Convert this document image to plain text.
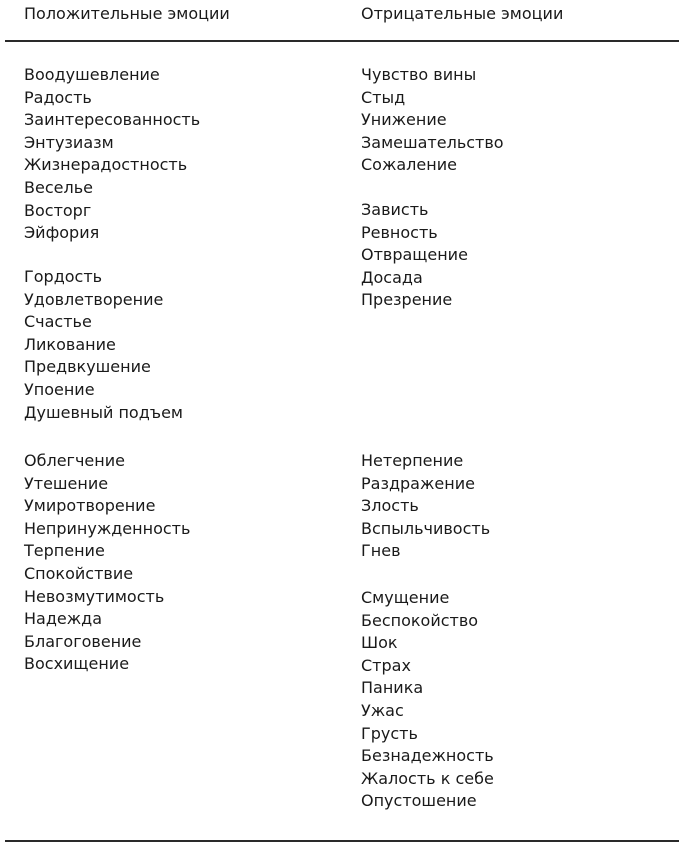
Положительные эмоции	Отрицательные эмоции
Воодушевление
Радость
Заинтересованность
Энтузиазм
Жизнерадостность
Веселье
Восторг
Эйфория
Гордость
Удовлетворение
Счастье
Ликование
Предвкушение
Упоение
Душевный подъем
Облегчение
Утешение
Умиротворение
Непринужденность
Терпение
Спокойствие
Невозмутимость
Надежда
Благоговение
Восхищение
Чувство вины
Стыд
Унижение
Замешательство
Сожаление
Зависть
Ревность
Отвращение
Досада
Презрение
Нетерпение
Раздражение
Злость
Вспыльчивость
Гнев
Смущение
Беспокойство
Шок
Страх
Паника
Ужас
Грусть
Безнадежность
Жалость к себе
Опустошение
